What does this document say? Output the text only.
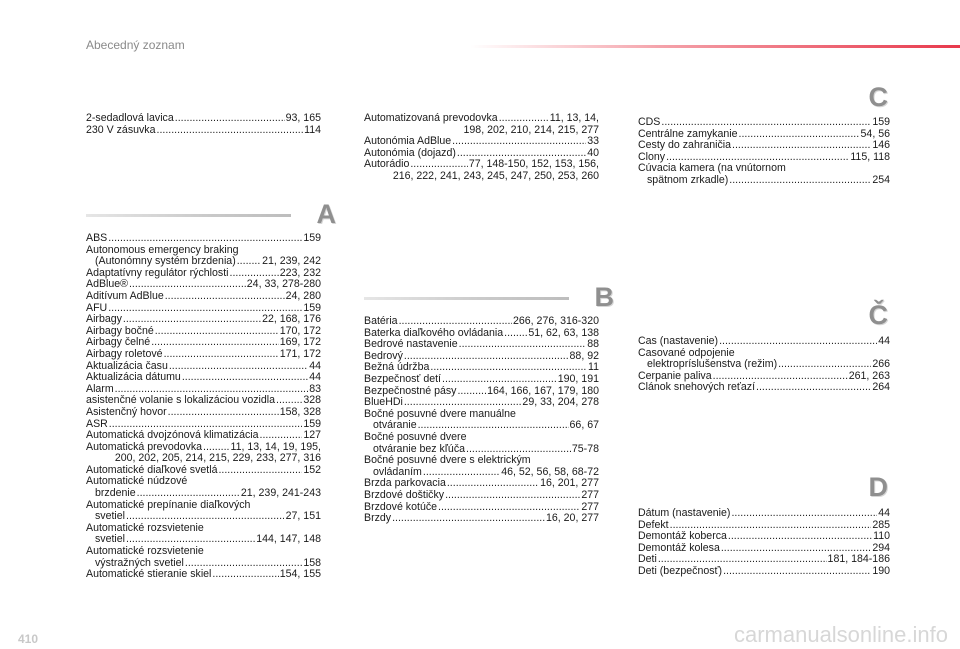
Abecedný zoznam
2-sedadlová lavica .....	93, 165
230 V zásuvka .....	114
A
ABS .....	159
Autonomous emergency braking
(Autonómny systém brzdenia) ..... 21, 239, 242
Adaptatívny regulátor rýchlosti .....	223, 232
AdBlue® .....	24, 33, 278-280
Aditívum AdBlue .....	24, 280
AFU .....	159
Airbagy .....	22, 168, 176
Airbagy bočné .....	170, 172
Airbagy čelné .....	169, 172
Airbagy roletové .....	171, 172
Aktualizácia času .....	44
Aktualizácia dátumu .....	44
Alarm .....	83
asistenčné volanie s lokalizáciou vozidla .....	328
Asistenčný hovor .....	158, 328
ASR .....	159
Automatická dvojzónová klimatizácia .....	127
Automatická prevodovka .....	11, 13, 14, 19, 195,
200, 202, 205, 214, 215, 229, 233, 277, 316
Automatické diaľkové svetlá .....	152
Automatické núdzové
brzdenie .....	21, 239, 241-243
Automatické prepínanie diaľkových
svetiel .....	27, 151
Automatické rozsvietenie
svetiel .....	144, 147, 148
Automatické rozsvietenie
výstražných svetiel .....	158
Automatické stieranie skiel .....	154, 155
Automatizovaná prevodovka .....	11, 13, 14,
198, 202, 210, 214, 215, 277
Autonómia AdBlue .....	33
Autonómia (dojazd) .....	40
Autorádio .....	77, 148-150, 152, 153, 156,
216, 222, 241, 243, 245, 247, 250, 253, 260
B
Batéria .....	266, 276, 316-320
Baterka diaľkového ovládania ..... 51, 62, 63, 138
Bedrové nastavenie .....	88
Bedrový .....	88, 92
Bežná údržba .....	11
Bezpečnosť detí .....	190, 191
Bezpečnostné pásy .....	164, 166, 167, 179, 180
BlueHDi .....	29, 33, 204, 278
Bočné posuvné dvere manuálne
otváranie .....	66, 67
Bočné posuvné dvere
otváranie bez kľúča .....	75-78
Bočné posuvné dvere s elektrickým
ovládaním .....	46, 52, 56, 58, 68-72
Brzda parkovacia .....	16, 201, 277
Brzdové doštičky .....	277
Brzdové kotúče .....	277
Brzdy .....	16, 20, 277
C
CDS .....	159
Centrálne zamykanie .....	54, 56
Cesty do zahraničia .....	146
Clony .....	115, 118
Cúvacia kamera (na vnútornom
spätnom zrkadle) .....	254
Č
Čas (nastavenie) .....	44
Časované odpojenie
elektropríslušenstva (režim) .....	266
Čerpanie paliva .....	261, 263
Článok snehových reťazí .....	264
D
Dátum (nastavenie) .....	44
Defekt .....	285
Demontáž koberca .....	110
Demontáž kolesa .....	294
Deti .....	181, 184-186
Deti (bezpečnosť) .....	190
410	carmanualsonline.info
